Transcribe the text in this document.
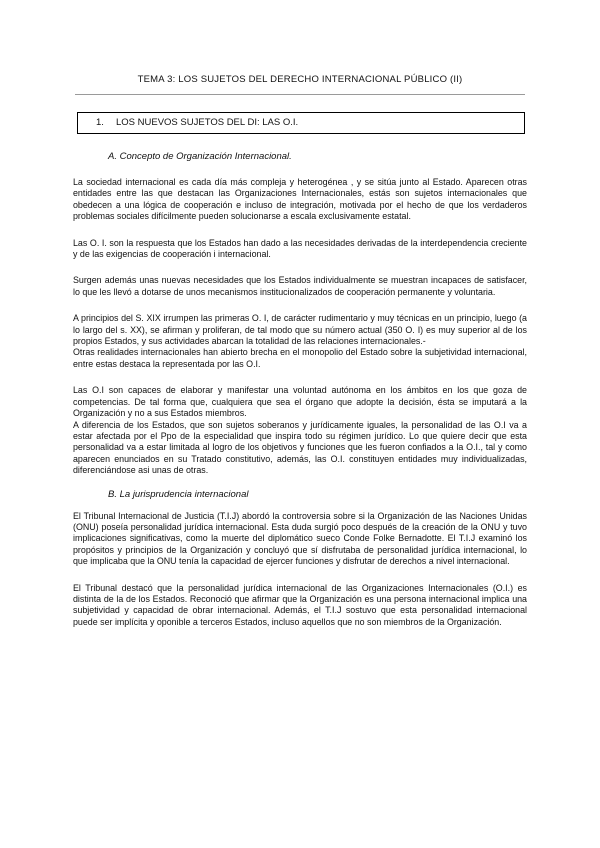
TEMA 3: LOS SUJETOS DEL DERECHO INTERNACIONAL PÚBLICO (II)
1. LOS NUEVOS SUJETOS DEL DI: LAS O.I.
A. Concepto de Organización Internacional.

La sociedad internacional es cada día más compleja y heterogénea , y se sitúa junto al Estado. Aparecen otras entidades entre las que destacan las Organizaciones Internacionales, estás son sujetos internacionales que obedecen a una lógica de cooperación e incluso de integración, motivada por el hecho de que los verdaderos problemas sociales difícilmente pueden solucionarse a escala exclusivamente estatal.

Las O. I. son la respuesta que los Estados han dado a las necesidades derivadas de la interdependencia creciente y de las exigencias de cooperación i internacional.

Surgen además unas nuevas necesidades que los Estados individualmente se muestran incapaces de satisfacer, lo que les llevó a dotarse de unos mecanismos institucionalizados de cooperación permanente y voluntaria.

A principios del S. XIX irrumpen las primeras O. I, de carácter rudimentario y muy técnicas en un principio, luego (a lo largo del s. XX), se afirman y proliferan, de tal modo que su número actual (350 O. I) es muy superior al de los propios Estados, y sus actividades abarcan la totalidad de las relaciones internacionales.-

Otras realidades internacionales han abierto brecha en el monopolio del Estado sobre la subjetividad internacional, entre estas destaca la representada por las O.I.

Las O.I son capaces de elaborar y manifestar una voluntad autónoma en los ámbitos en los que goza de competencias. De tal forma que, cualquiera que sea el órgano que adopte la decisión, ésta se imputará a la Organización y no a sus Estados miembros.

A diferencia de los Estados, que son sujetos soberanos y jurídicamente iguales, la personalidad de las O.I va a estar afectada por el Ppo de la especialidad que inspira todo su régimen jurídico. Lo que quiere decir que esta personalidad va a estar limitada al logro de los objetivos y funciones que les fueron confiados a la O.I., tal y como aparecen enunciados en su Tratado constitutivo, además, las O.I. constituyen entidades muy individualizadas, diferenciándose asi unas de otras.

B. La jurisprudencia internacional

El Tribunal Internacional de Justicia (T.I.J) abordó la controversia sobre si la Organización de las Naciones Unidas (ONU) poseía personalidad jurídica internacional. Esta duda surgió poco después de la creación de la ONU y tuvo implicaciones significativas, como la muerte del diplomático sueco Conde Folke Bernadotte. El T.I.J examinó los propósitos y principios de la Organización y concluyó que sí disfrutaba de personalidad jurídica internacional, lo que implicaba que la ONU tenía la capacidad de ejercer funciones y disfrutar de derechos a nivel internacional.

El Tribunal destacó que la personalidad jurídica internacional de las Organizaciones Internacionales (O.I.) es distinta de la de los Estados. Reconoció que afirmar que la Organización es una persona internacional implica una subjetividad y capacidad de obrar internacional. Además, el T.I.J sostuvo que esta personalidad internacional puede ser implícita y oponible a terceros Estados, incluso aquellos que no son miembros de la Organización.
